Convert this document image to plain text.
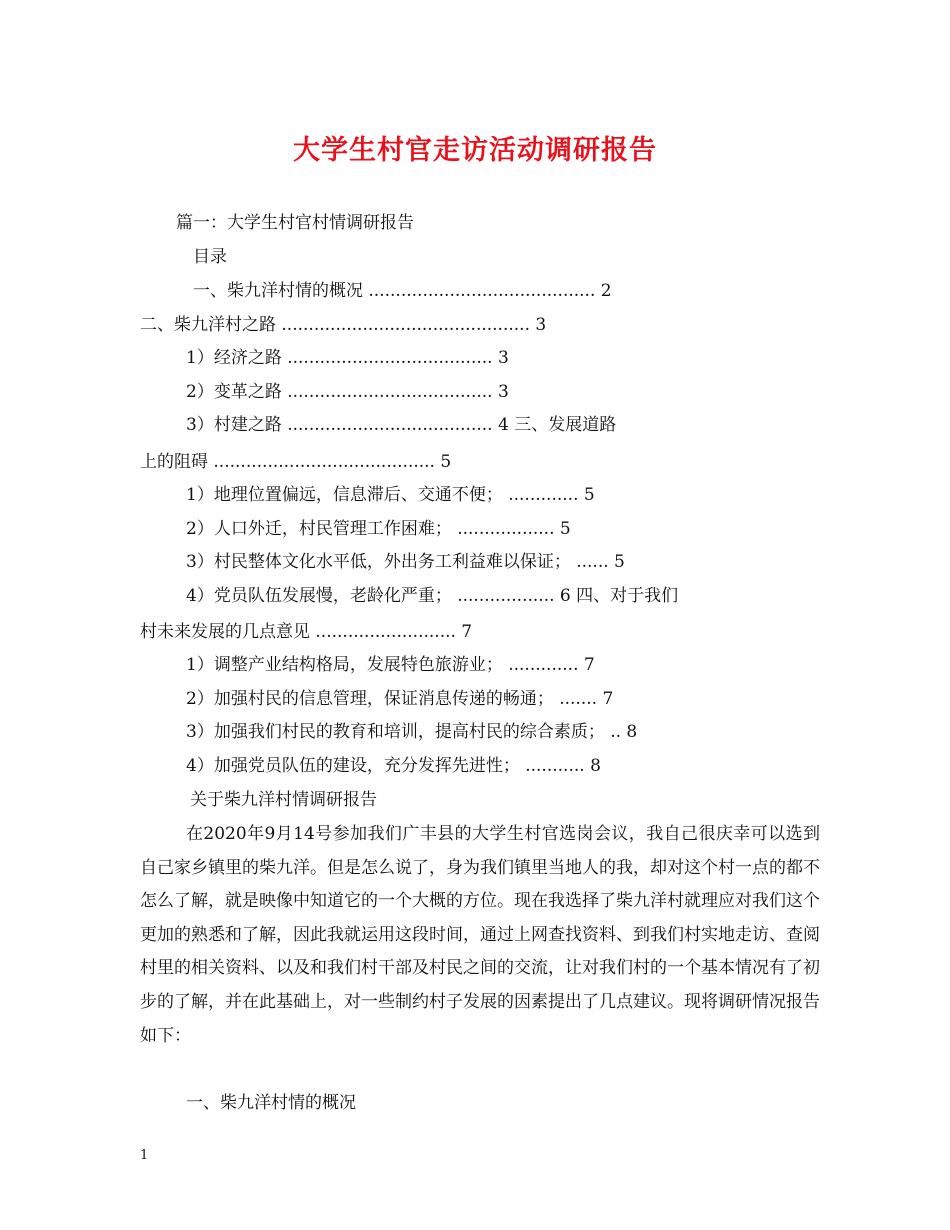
大学生村官走访活动调研报告
篇一：大学生村官村情调研报告
目录
一、柴九洋村情的概况 .......................................... 2
二、柴九洋村之路 .............................................. 3
1）经济之路 ...................................... 3
2）变革之路 ...................................... 3
3）村建之路 ...................................... 4 三、发展道路
上的阻碍 ......................................... 5
1）地理位置偏远，信息滞后、交通不便； ............. 5
2）人口外迁，村民管理工作困难； .................. 5
3）村民整体文化水平低，外出务工利益难以保证； ...... 5
4）党员队伍发展慢，老龄化严重； .................. 6 四、对于我们
村未来发展的几点意见 .......................... 7
1）调整产业结构格局，发展特色旅游业； ............. 7
2）加强村民的信息管理，保证消息传递的畅通； ....... 7
3）加强我们村民的教育和培训，提高村民的综合素质； .. 8
4）加强党员队伍的建设，充分发挥先进性； ........... 8
关于柴九洋村情调研报告
在2020年9月14号参加我们广丰县的大学生村官选岗会议，我自己很庆幸可以选到自己家乡镇里的柴九洋。但是怎么说了，身为我们镇里当地人的我，却对这个村一点的都不怎么了解，就是映像中知道它的一个大概的方位。现在我选择了柴九洋村就理应对我们这个更加的熟悉和了解，因此我就运用这段时间，通过上网查找资料、到我们村实地走访、查阅村里的相关资料、以及和我们村干部及村民之间的交流，让对我们村的一个基本情况有了初步的了解，并在此基础上，对一些制约村子发展的因素提出了几点建议。现将调研情况报告如下：
一、柴九洋村情的概况
1
